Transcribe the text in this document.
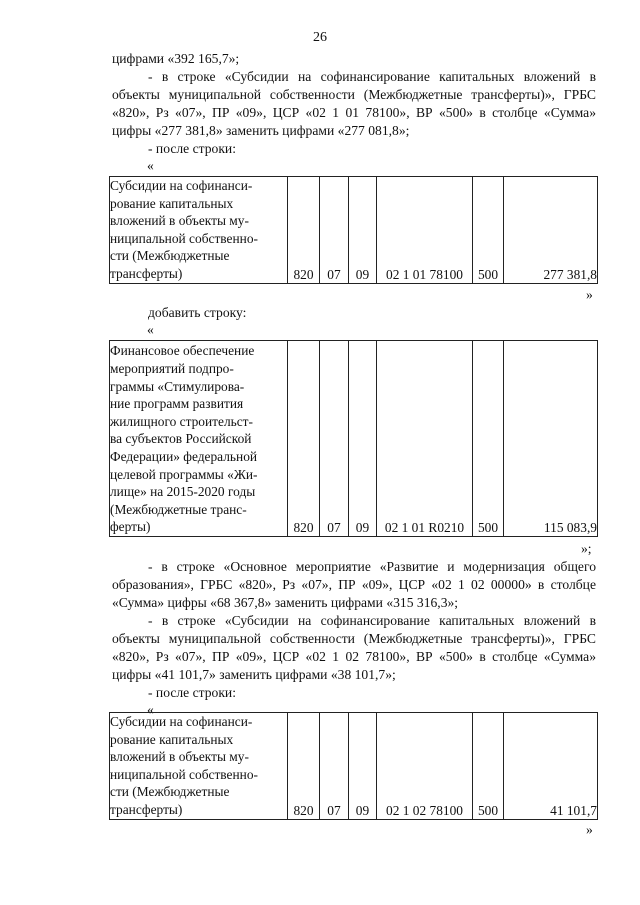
26
цифрами «392 165,7»;
- в строке «Субсидии на софинансирование капитальных вложений в объекты муниципальной собственности (Межбюджетные трансферты)», ГРБС «820», Рз «07», ПР «09», ЦСР «02 1 01 78100», ВР «500» в столбце «Сумма» цифры «277 381,8» заменить цифрами «277 081,8»;
- после строки:
«
Субсидии на софинанси-
рование капитальных
вложений в объекты му-
ниципальной собственно-
сти (Межбюджетные
трансферты)	820	07	09	02 1 01 78100	500	277 381,8
»
добавить строку:
«
Финансовое обеспечение
мероприятий подпро-
граммы «Стимулирова-
ние программ развития
жилищного строительст-
ва субъектов Российской
Федерации» федеральной
целевой программы «Жи-
лище» на 2015-2020 годы
(Межбюджетные транс-
ферты)	820	07	09	02 1 01 R0210	500	115 083,9
»;
- в строке «Основное мероприятие «Развитие и модернизация общего образования», ГРБС «820», Рз «07», ПР «09», ЦСР «02 1 02 00000» в столбце «Сумма» цифры «68 367,8» заменить цифрами «315 316,3»;
- в строке «Субсидии на софинансирование капитальных вложений в объекты муниципальной собственности (Межбюджетные трансферты)», ГРБС «820», Рз «07», ПР «09», ЦСР «02 1 02 78100», ВР «500» в столбце «Сумма» цифры «41 101,7» заменить цифрами «38 101,7»;
- после строки:
«
Субсидии на софинанси-
рование капитальных
вложений в объекты му-
ниципальной собственно-
сти (Межбюджетные
трансферты)	820	07	09	02 1 02 78100	500	41 101,7
»
